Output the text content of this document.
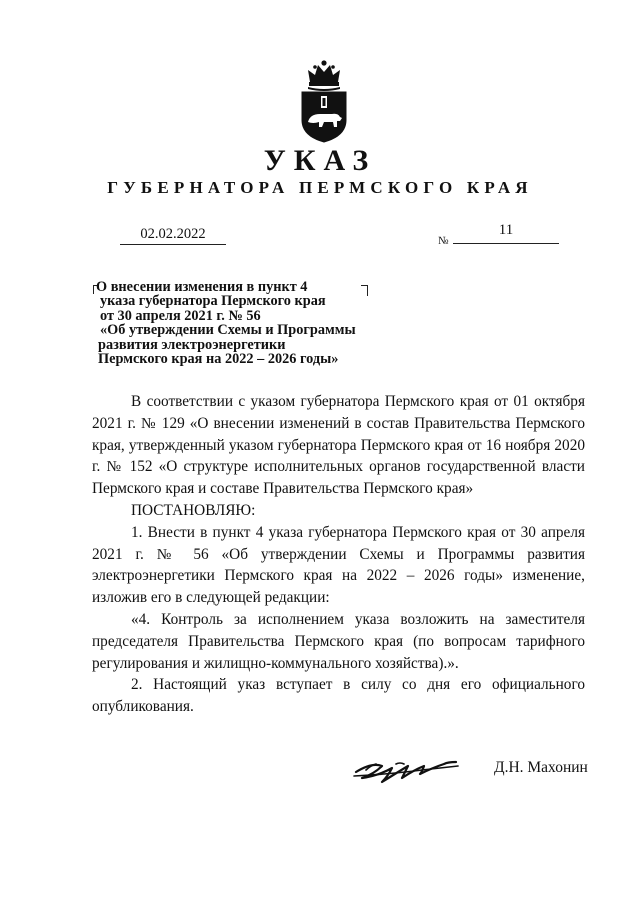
УКАЗ
ГУБЕРНАТОРА ПЕРМСКОГО КРАЯ
02.02.2022	№
11
О внесении изменения в пункт 4
указа губернатора Пермского края
от 30 апреля 2021 г. № 56
«Об утверждении Схемы и Программы
развития электроэнергетики
Пермского края на 2022 – 2026 годы»

В соответствии с указом губернатора Пермского края от 01 октября 2021 г. № 129 «О внесении изменений в состав Правительства Пермского края, утвержденный указом губернатора Пермского края от 16 ноября 2020 г. № 152 «О структуре исполнительных органов государственной власти Пермского края и составе Правительства Пермского края»

ПОСТАНОВЛЯЮ:

1. Внести в пункт 4 указа губернатора Пермского края от 30 апреля 2021 г. № 56 «Об утверждении Схемы и Программы развития электроэнергетики Пермского края на 2022 – 2026 годы» изменение, изложив его в следующей редакции:

«4. Контроль за исполнением указа возложить на заместителя председателя Правительства Пермского края (по вопросам тарифного регулирования и жилищно-коммунального хозяйства).».

2. Настоящий указ вступает в силу со дня его официального опубликования.

Д.Н. Махонин
